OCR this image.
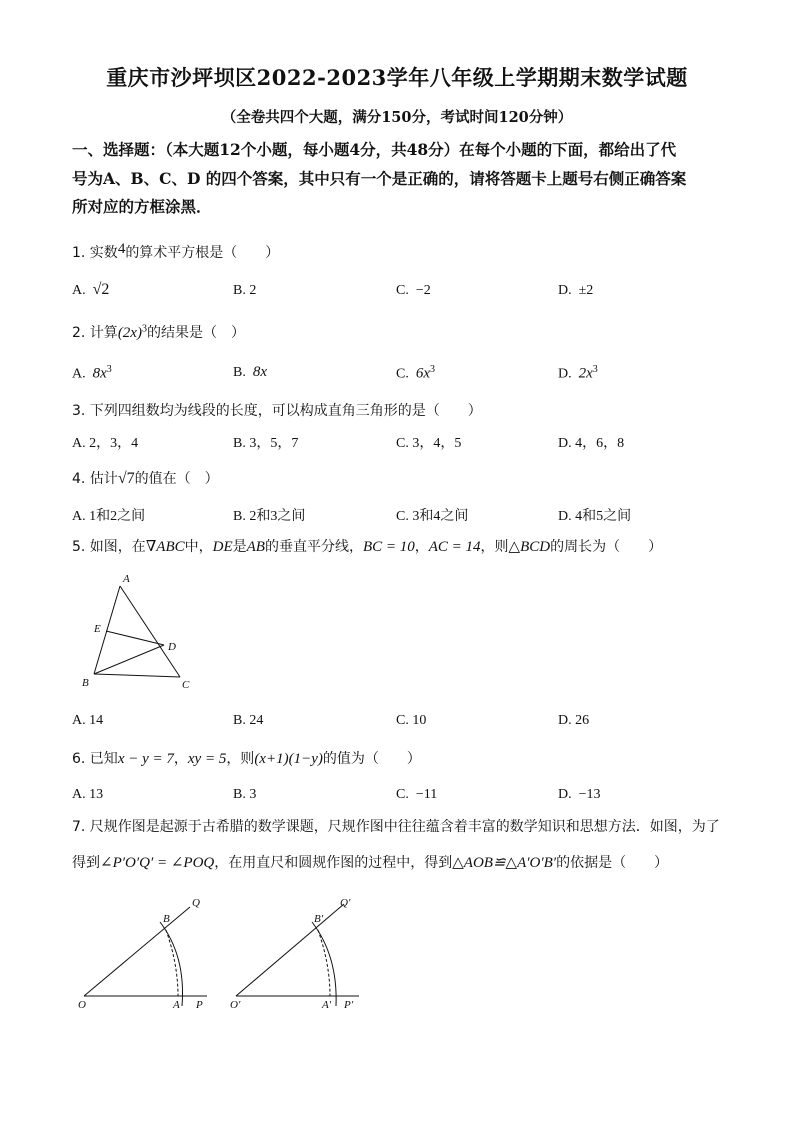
重庆市沙坪坝区2022-2023学年八年级上学期期末数学试题
（全卷共四个大题，满分150分，考试时间120分钟）
一、选择题：（本大题12个小题，每小题4分，共48分）在每个小题的下面，都给出了代
号为A、B、C、D 的四个答案，其中只有一个是正确的，请将答题卡上题号右侧正确答案
所对应的方框涂黑．
1. 实数4的算术平方根是（　　）
A. √2	B. 2	C. −2	D. ±2
2. 计算$(2x)^3$的结果是（　）
A. $8x^3$	B. 8x	C. $6x^3$	D. $2x^3$
3. 下列四组数均为线段的长度，可以构成直角三角形的是（　　）
A. 2，3，4	B. 3，5，7	C. 3，4，5	D. 4，6，8
4. 估计√7的值在（　）
A. 1和2之间	B. 2和3之间	C. 3和4之间	D. 4和5之间
5. 如图，在∇ABC中，DE是AB的垂直平分线，BC = 10，AC = 14，则△BCD的周长为（　　）
A
E
D
B	C
A. 14	B. 24	C. 10	D. 26
6. 已知x − y = 7，xy = 5，则(x+1)(1−y)的值为（　　）
A. 13	B. 3	C. −11	D. −13
7. 尺规作图是起源于古希腊的数学课题，尺规作图中往往蕴含着丰富的数学知识和思想方法．如图，为了
得到∠P′O′Q′ = ∠POQ，在用直尺和圆规作图的过程中，得到△AOB≌△A′O′B′的依据是（　　）
Q
B
O	A P
Q′
B′
O′	A′ P′
